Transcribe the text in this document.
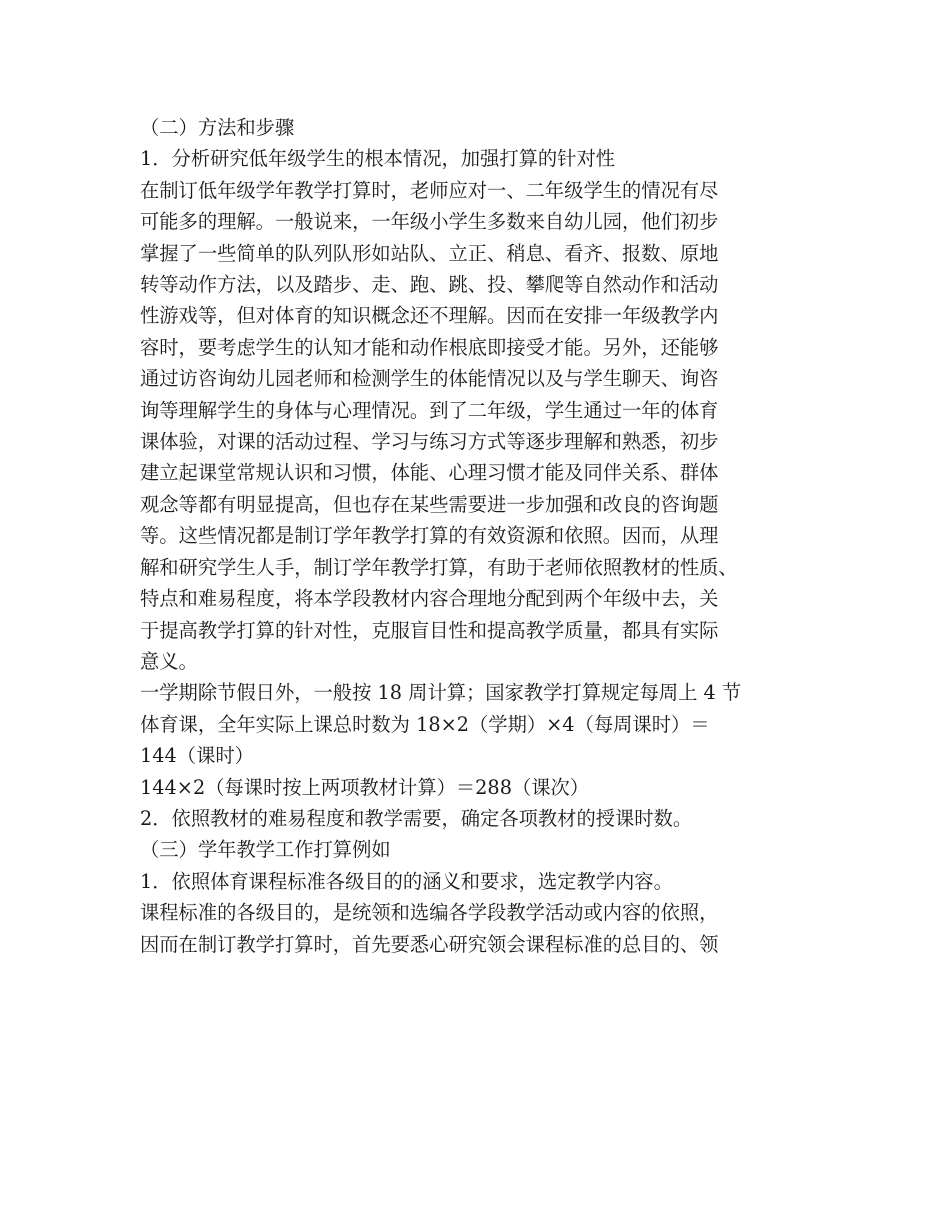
（二）方法和步骤

1．分析研究低年级学生的根本情况，加强打算的针对性

在制订低年级学年教学打算时，老师应对一、二年级学生的情况有尽

可能多的理解。一般说来，一年级小学生多数来自幼儿园，他们初步

掌握了一些简单的队列队形如站队、立正、稍息、看齐、报数、原地

转等动作方法，以及踏步、走、跑、跳、投、攀爬等自然动作和活动

性游戏等，但对体育的知识概念还不理解。因而在安排一年级教学内

容时，要考虑学生的认知才能和动作根底即接受才能。另外，还能够

通过访咨询幼儿园老师和检测学生的体能情况以及与学生聊天、询咨

询等理解学生的身体与心理情况。到了二年级，学生通过一年的体育

课体验，对课的活动过程、学习与练习方式等逐步理解和熟悉，初步

建立起课堂常规认识和习惯，体能、心理习惯才能及同伴关系、群体

观念等都有明显提高，但也存在某些需要进一步加强和改良的咨询题

等。这些情况都是制订学年教学打算的有效资源和依照。因而，从理

解和研究学生人手，制订学年教学打算，有助于老师依照教材的性质、

特点和难易程度，将本学段教材内容合理地分配到两个年级中去，关

于提高教学打算的针对性，克服盲目性和提高教学质量，都具有实际

意义。

一学期除节假日外，一般按 18 周计算；国家教学打算规定每周上 4 节

体育课，全年实际上课总时数为 18×2（学期）×4（每周课时）＝

144（课时）

144×2（每课时按上两项教材计算）＝288（课次）

2．依照教材的难易程度和教学需要，确定各项教材的授课时数。

（三）学年教学工作打算例如

1．依照体育课程标准各级目的的涵义和要求，选定教学内容。

课程标准的各级目的，是统领和选编各学段教学活动或内容的依照，

因而在制订教学打算时，首先要悉心研究领会课程标准的总目的、领
